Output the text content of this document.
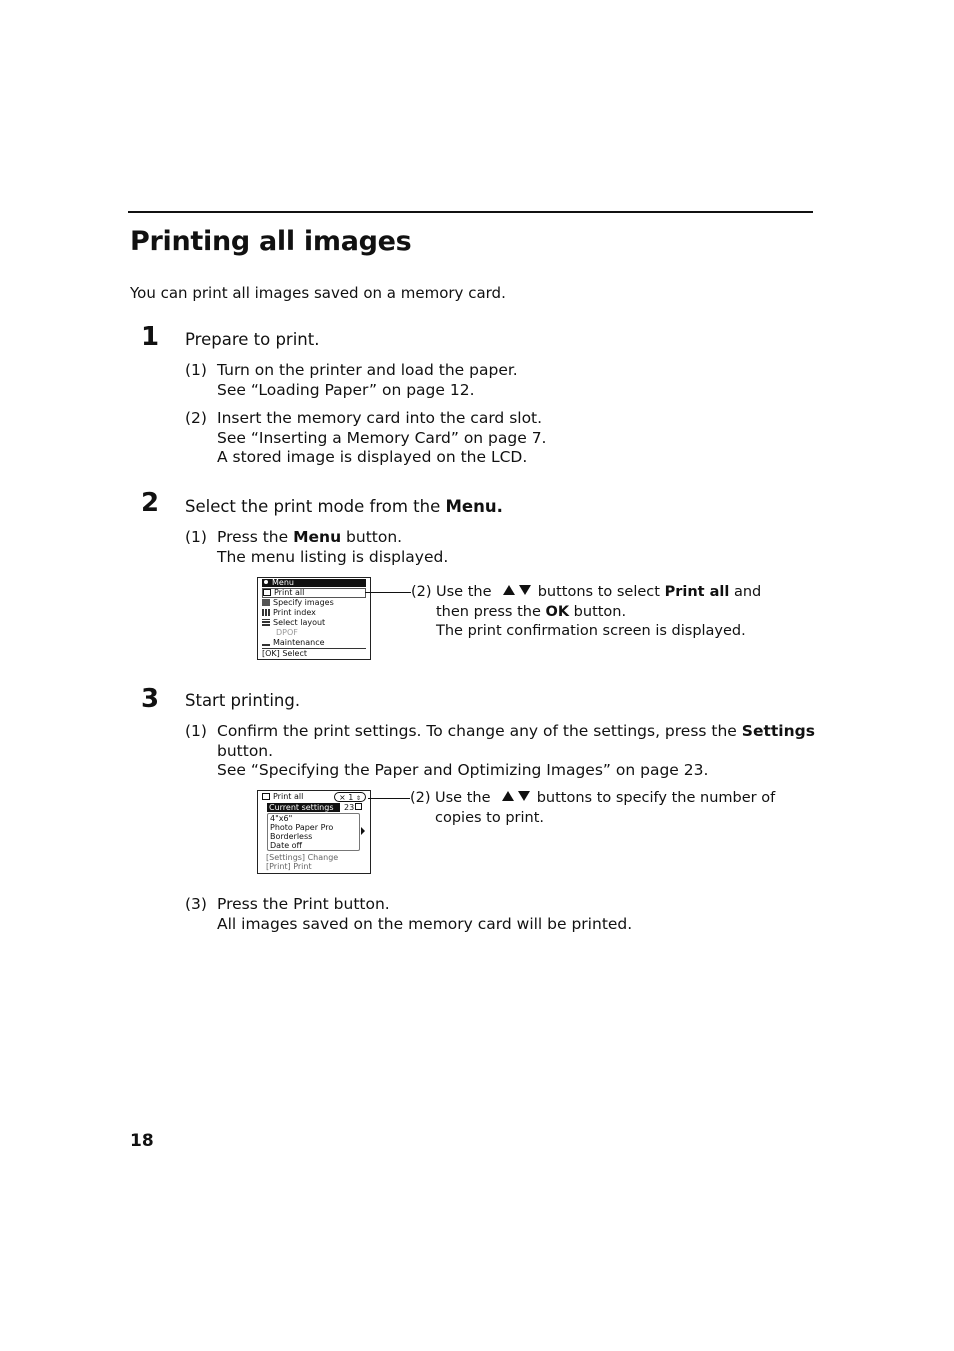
Printing all images
You can print all images saved on a memory card.
1 Prepare to print.
(1) Turn on the printer and load the paper.
See “Loading Paper” on page 12.
(2) Insert the memory card into the card slot.
See “Inserting a Memory Card” on page 7.
A stored image is displayed on the LCD.
2 Select the print mode from the Menu.
(1) Press the Menu button.
The menu listing is displayed.
Menu
Print all
Specify images
Print index
Select layout
DPOF
Maintenance
[OK] Select
(2) Use the	buttons to select Print all and
then press the OK button.
The print confirmation screen is displayed.
3 Start printing.
(1) Confirm the print settings. To change any of the settings, press the Settings
button.
See “Specifying the Paper and Optimizing Images” on page 23.
Print all	× 1 ⇕
Current settings	23
4"x6"
Photo Paper Pro
Borderless
Date off
[Settings] Change
[Print] Print
(2) Use the	buttons to specify the number of
copies to print.
(3) Press the Print button.
All images saved on the memory card will be printed.
18
